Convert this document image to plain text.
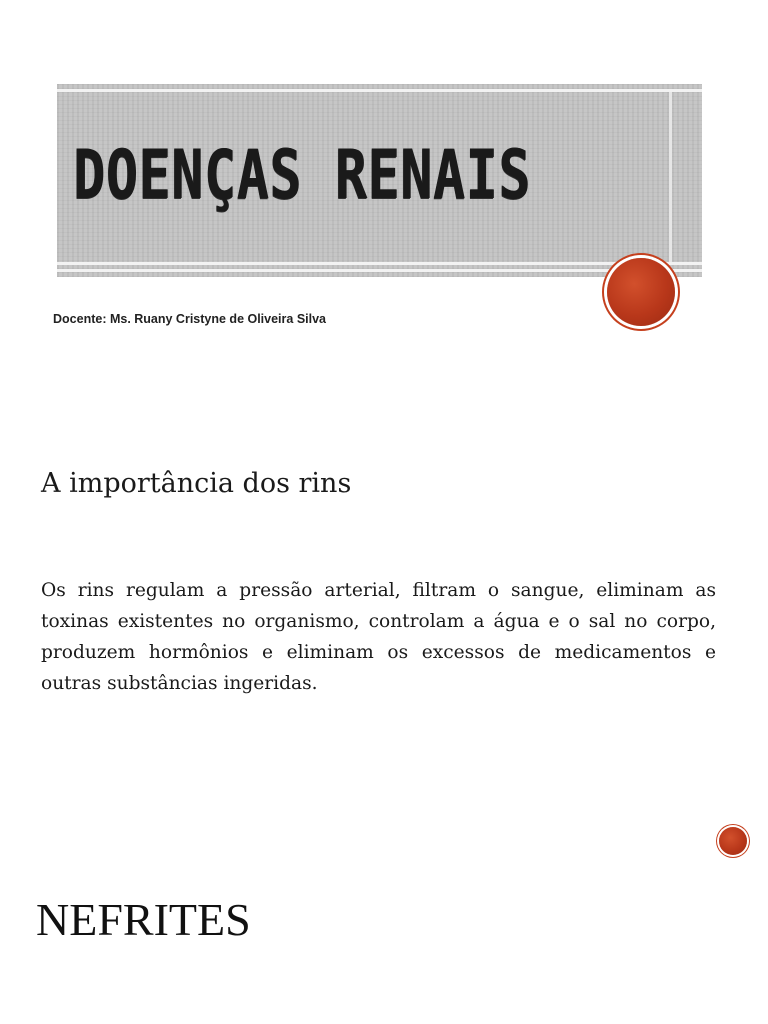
DOENÇAS RENAIS
Docente: Ms. Ruany Cristyne de Oliveira Silva
A importância dos rins

Os rins regulam a pressão arterial, filtram o sangue, eliminam as toxinas existentes no organismo, controlam a água e o sal no corpo, produzem hormônios e eliminam os excessos de medicamentos e outras substâncias ingeridas.

NEFRITES
